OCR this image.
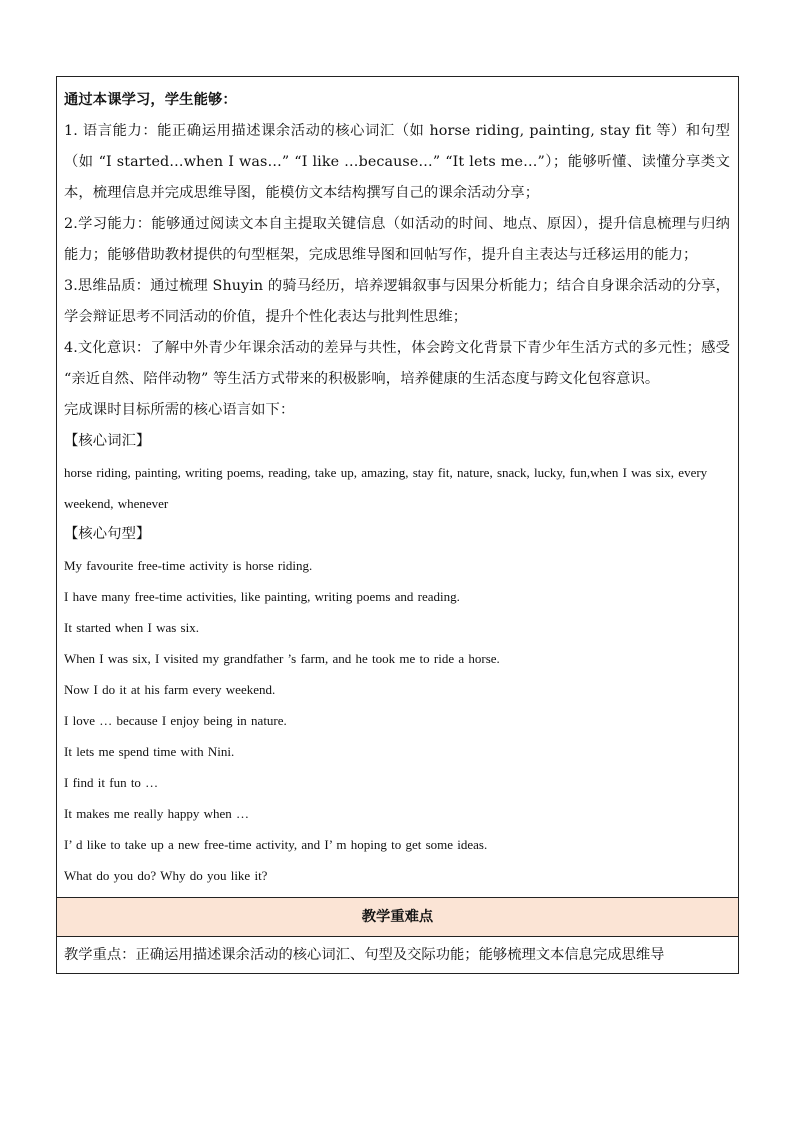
通过本课学习，学生能够：

1. 语言能力：能正确运用描述课余活动的核心词汇（如 horse riding, painting, stay fit 等）和句型（如 “I started…when I was…” “I like …because…” “It lets me…”）；能够听懂、读懂分享类文本，梳理信息并完成思维导图，能模仿文本结构撰写自己的课余活动分享；

2.学习能力：能够通过阅读文本自主提取关键信息（如活动的时间、地点、原因），提升信息梳理与归纳能力；能够借助教材提供的句型框架，完成思维导图和回帖写作，提升自主表达与迁移运用的能力；

3.思维品质：通过梳理 Shuyin 的骑马经历，培养逻辑叙事与因果分析能力；结合自身课余活动的分享，学会辩证思考不同活动的价值，提升个性化表达与批判性思维；

4.文化意识：了解中外青少年课余活动的差异与共性，体会跨文化背景下青少年生活方式的多元性；感受 “亲近自然、陪伴动物” 等生活方式带来的积极影响，培养健康的生活态度与跨文化包容意识。

完成课时目标所需的核心语言如下：

【核心词汇】

horse riding, painting, writing poems, reading, take up, amazing, stay fit, nature, snack, lucky, fun,when I was six, every weekend, whenever

【核心句型】

My favourite free-time activity is horse riding.

I have many free-time activities, like painting, writing poems and reading.

It started when I was six.

When I was six, I visited my grandfather ’s farm, and he took me to ride a horse.

Now I do it at his farm every weekend.

I love … because I enjoy being in nature.

It lets me spend time with Nini.

I find it fun to …

It makes me really happy when …

I’ d like to take up a new free-time activity, and I’ m hoping to get some ideas.

What do you do? Why do you like it?

教学重难点

教学重点：正确运用描述课余活动的核心词汇、句型及交际功能；能够梳理文本信息完成思维导
